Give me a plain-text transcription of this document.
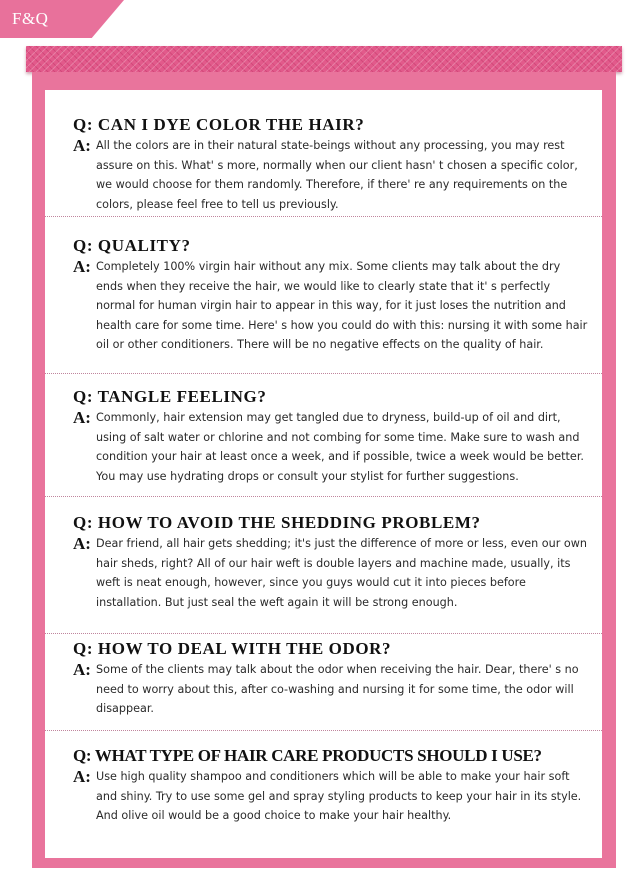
F&Q
Q: CAN I DYE COLOR THE HAIR?
A: All the colors are in their natural state-beings without any processing, you may rest assure on this. What' s more, normally when our client hasn' t chosen a specific color, we would choose for them randomly. Therefore, if there' re any requirements on the colors, please feel free to tell us previously.

Q: QUALITY?
A: Completely 100% virgin hair without any mix. Some clients may talk about the dry ends when they receive the hair, we would like to clearly state that it' s perfectly normal for human virgin hair to appear in this way, for it just loses the nutrition and health care for some time. Here' s how you could do with this: nursing it with some hair oil or other conditioners. There will be no negative effects on the quality of hair.

Q: TANGLE FEELING?
A: Commonly, hair extension may get tangled due to dryness, build-up of oil and dirt, using of salt water or chlorine and not combing for some time. Make sure to wash and condition your hair at least once a week, and if possible, twice a week would be better. You may use hydrating drops or consult your stylist for further suggestions.

Q: HOW TO AVOID THE SHEDDING PROBLEM?
A: Dear friend, all hair gets shedding; it's just the difference of more or less, even our own hair sheds, right? All of our hair weft is double layers and machine made, usually, its weft is neat enough, however, since you guys would cut it into pieces before installation. But just seal the weft again it will be strong enough.

Q: HOW TO DEAL WITH THE ODOR?
A: Some of the clients may talk about the odor when receiving the hair. Dear, there' s no need to worry about this, after co-washing and nursing it for some time, the odor will disappear.

Q: WHAT TYPE OF HAIR CARE PRODUCTS SHOULD I USE?
A: Use high quality shampoo and conditioners which will be able to make your hair soft and shiny. Try to use some gel and spray styling products to keep your hair in its style. And olive oil would be a good choice to make your hair healthy.
